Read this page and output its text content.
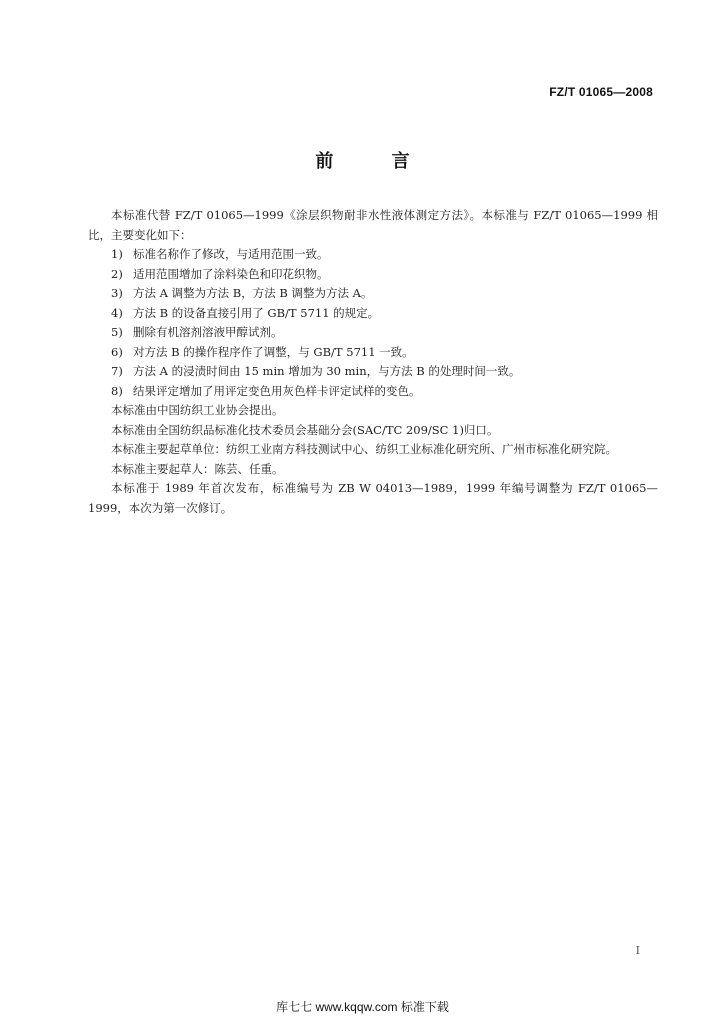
FZ/T 01065—2008
前 言

本标准代替 FZ/T 01065—1999《涂层织物耐非水性液体测定方法》。本标准与 FZ/T 01065—1999 相比，主要变化如下：

1) 标准名称作了修改，与适用范围一致。
2) 适用范围增加了涂料染色和印花织物。
3) 方法 A 调整为方法 B，方法 B 调整为方法 A。
4) 方法 B 的设备直接引用了 GB/T 5711 的规定。
5) 删除有机溶剂溶液甲醇试剂。
6) 对方法 B 的操作程序作了调整，与 GB/T 5711 一致。
7) 方法 A 的浸渍时间由 15 min 增加为 30 min，与方法 B 的处理时间一致。
8) 结果评定增加了用评定变色用灰色样卡评定试样的变色。

本标准由中国纺织工业协会提出。

本标准由全国纺织品标准化技术委员会基础分会(SAC/TC 209/SC 1)归口。

本标准主要起草单位：纺织工业南方科技测试中心、纺织工业标准化研究所、广州市标准化研究院。

本标准主要起草人：陈芸、任重。

本标准于 1989 年首次发布，标准编号为 ZB W 04013—1989，1999 年编号调整为 FZ/T 01065—1999，本次为第一次修订。

I
库七七 www.kqqw.com 标准下载
